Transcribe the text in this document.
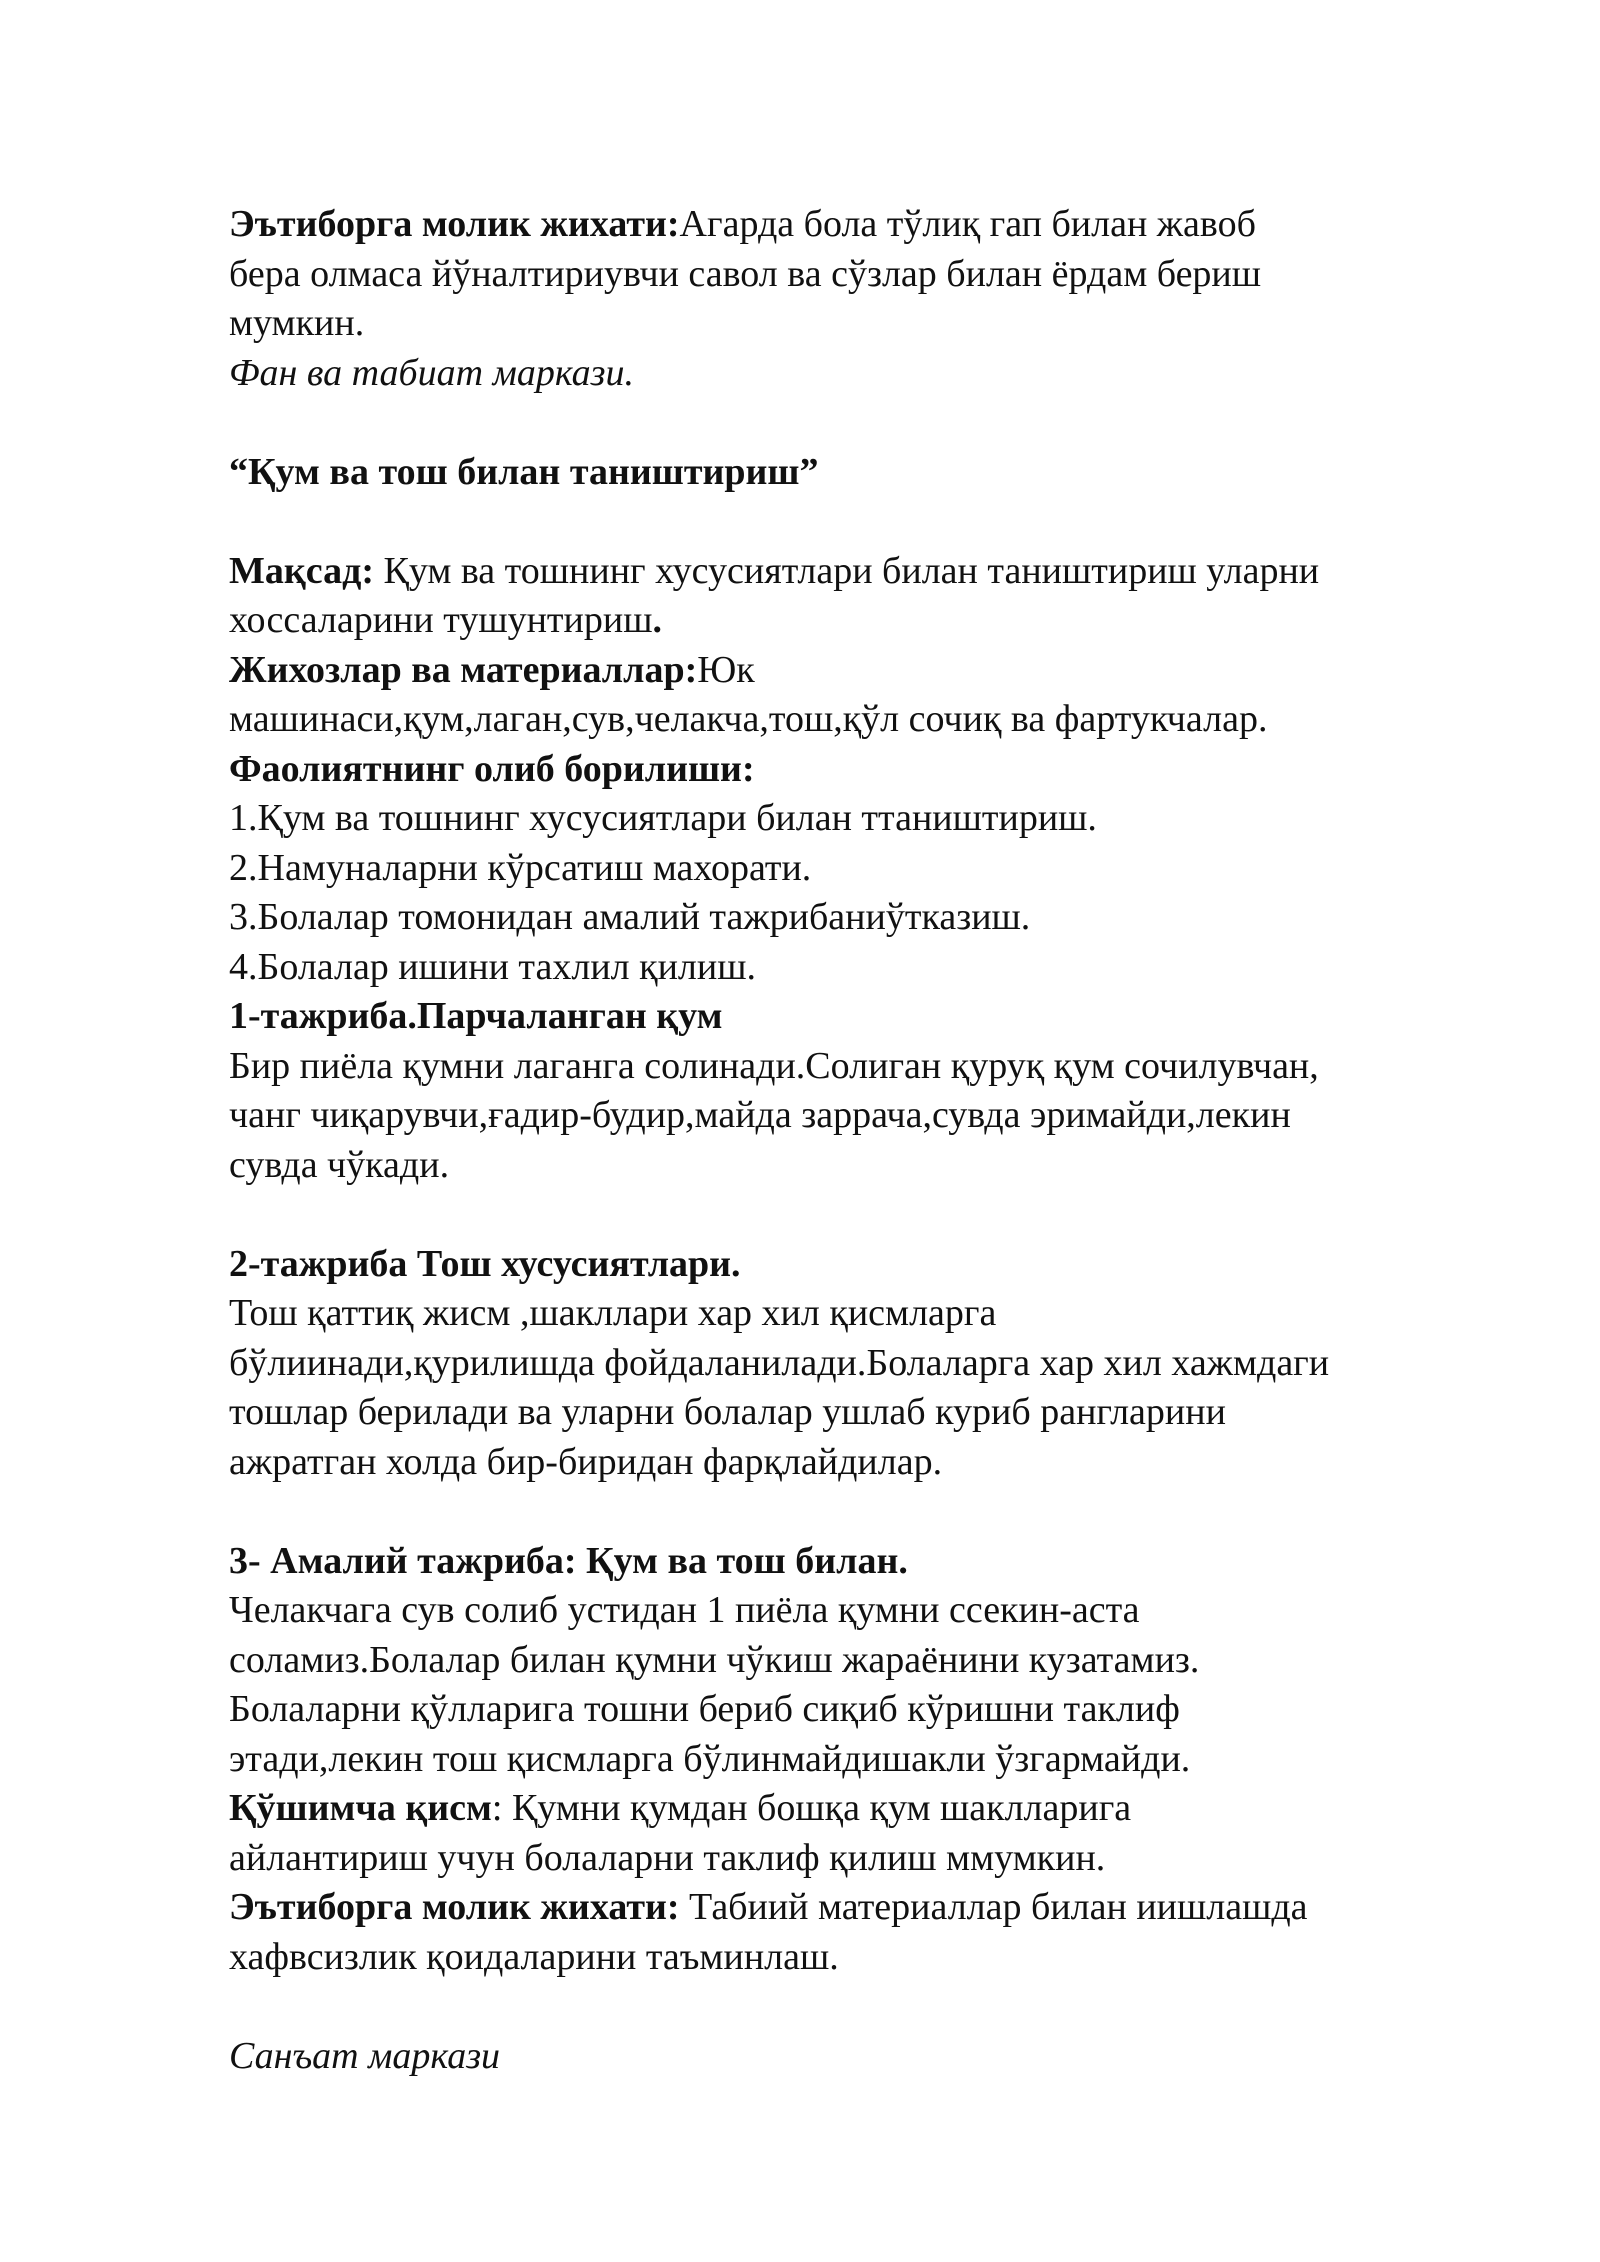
Эътиборга молик жихати:Агарда бола тўлиқ гап билан жавоб
бера олмаса йўналтириувчи савол ва сўзлар билан ёрдам бериш
мумкин.
Фан ва табиат маркази.
“Қум ва тош билан таништириш”
Мақсад: Қум ва тошнинг хусусиятлари билан таништириш уларни
хоссаларини тушунтириш.
Жихозлар ва материаллар:Юк
машинаси,қум,лаган,сув,челакча,тош,қўл сочиқ ва фартукчалар.
Фаолиятнинг олиб борилиши:
1.Қум ва тошнинг хусусиятлари билан ттаништириш.
2.Намуналарни кўрсатиш махорати.
3.Болалар томонидан амалий тажрибаниўтказиш.
4.Болалар ишини тахлил қилиш.
1-тажриба.Парчаланган қум
Бир пиёла қумни лаганга солинади.Солиган қуруқ қум сочилувчан,
чанг чиқарувчи,ғадир-будир,майда заррача,сувда эримайди,лекин
сувда чўкади.
2-тажриба Тош хусусиятлари.
Тош қаттиқ жисм ,шакллари хар хил қисмларга
бўлиинади,қурилишда фойдаланилади.Болаларга хар хил хажмдаги
тошлар берилади ва уларни болалар ушлаб куриб рангларини
ажратган холда бир-биридан фарқлайдилар.
3- Амалий тажриба: Қум ва тош билан.
Челакчага сув солиб устидан 1 пиёла қумни ссекин-аста
соламиз.Болалар билан қумни чўкиш жараёнини кузатамиз.
Болаларни қўлларига тошни бериб сиқиб кўришни таклиф
этади,лекин тош қисмларга бўлинмайдишакли ўзгармайди.
Қўшимча қисм: Қумни қумдан бошқа қум шаклларига
айлантириш учун болаларни таклиф қилиш ммумкин.
Эътиборга молик жихати: Табиий материаллар билан иишлашда
хафвсизлик қоидаларини таъминлаш.
Санъат маркази
